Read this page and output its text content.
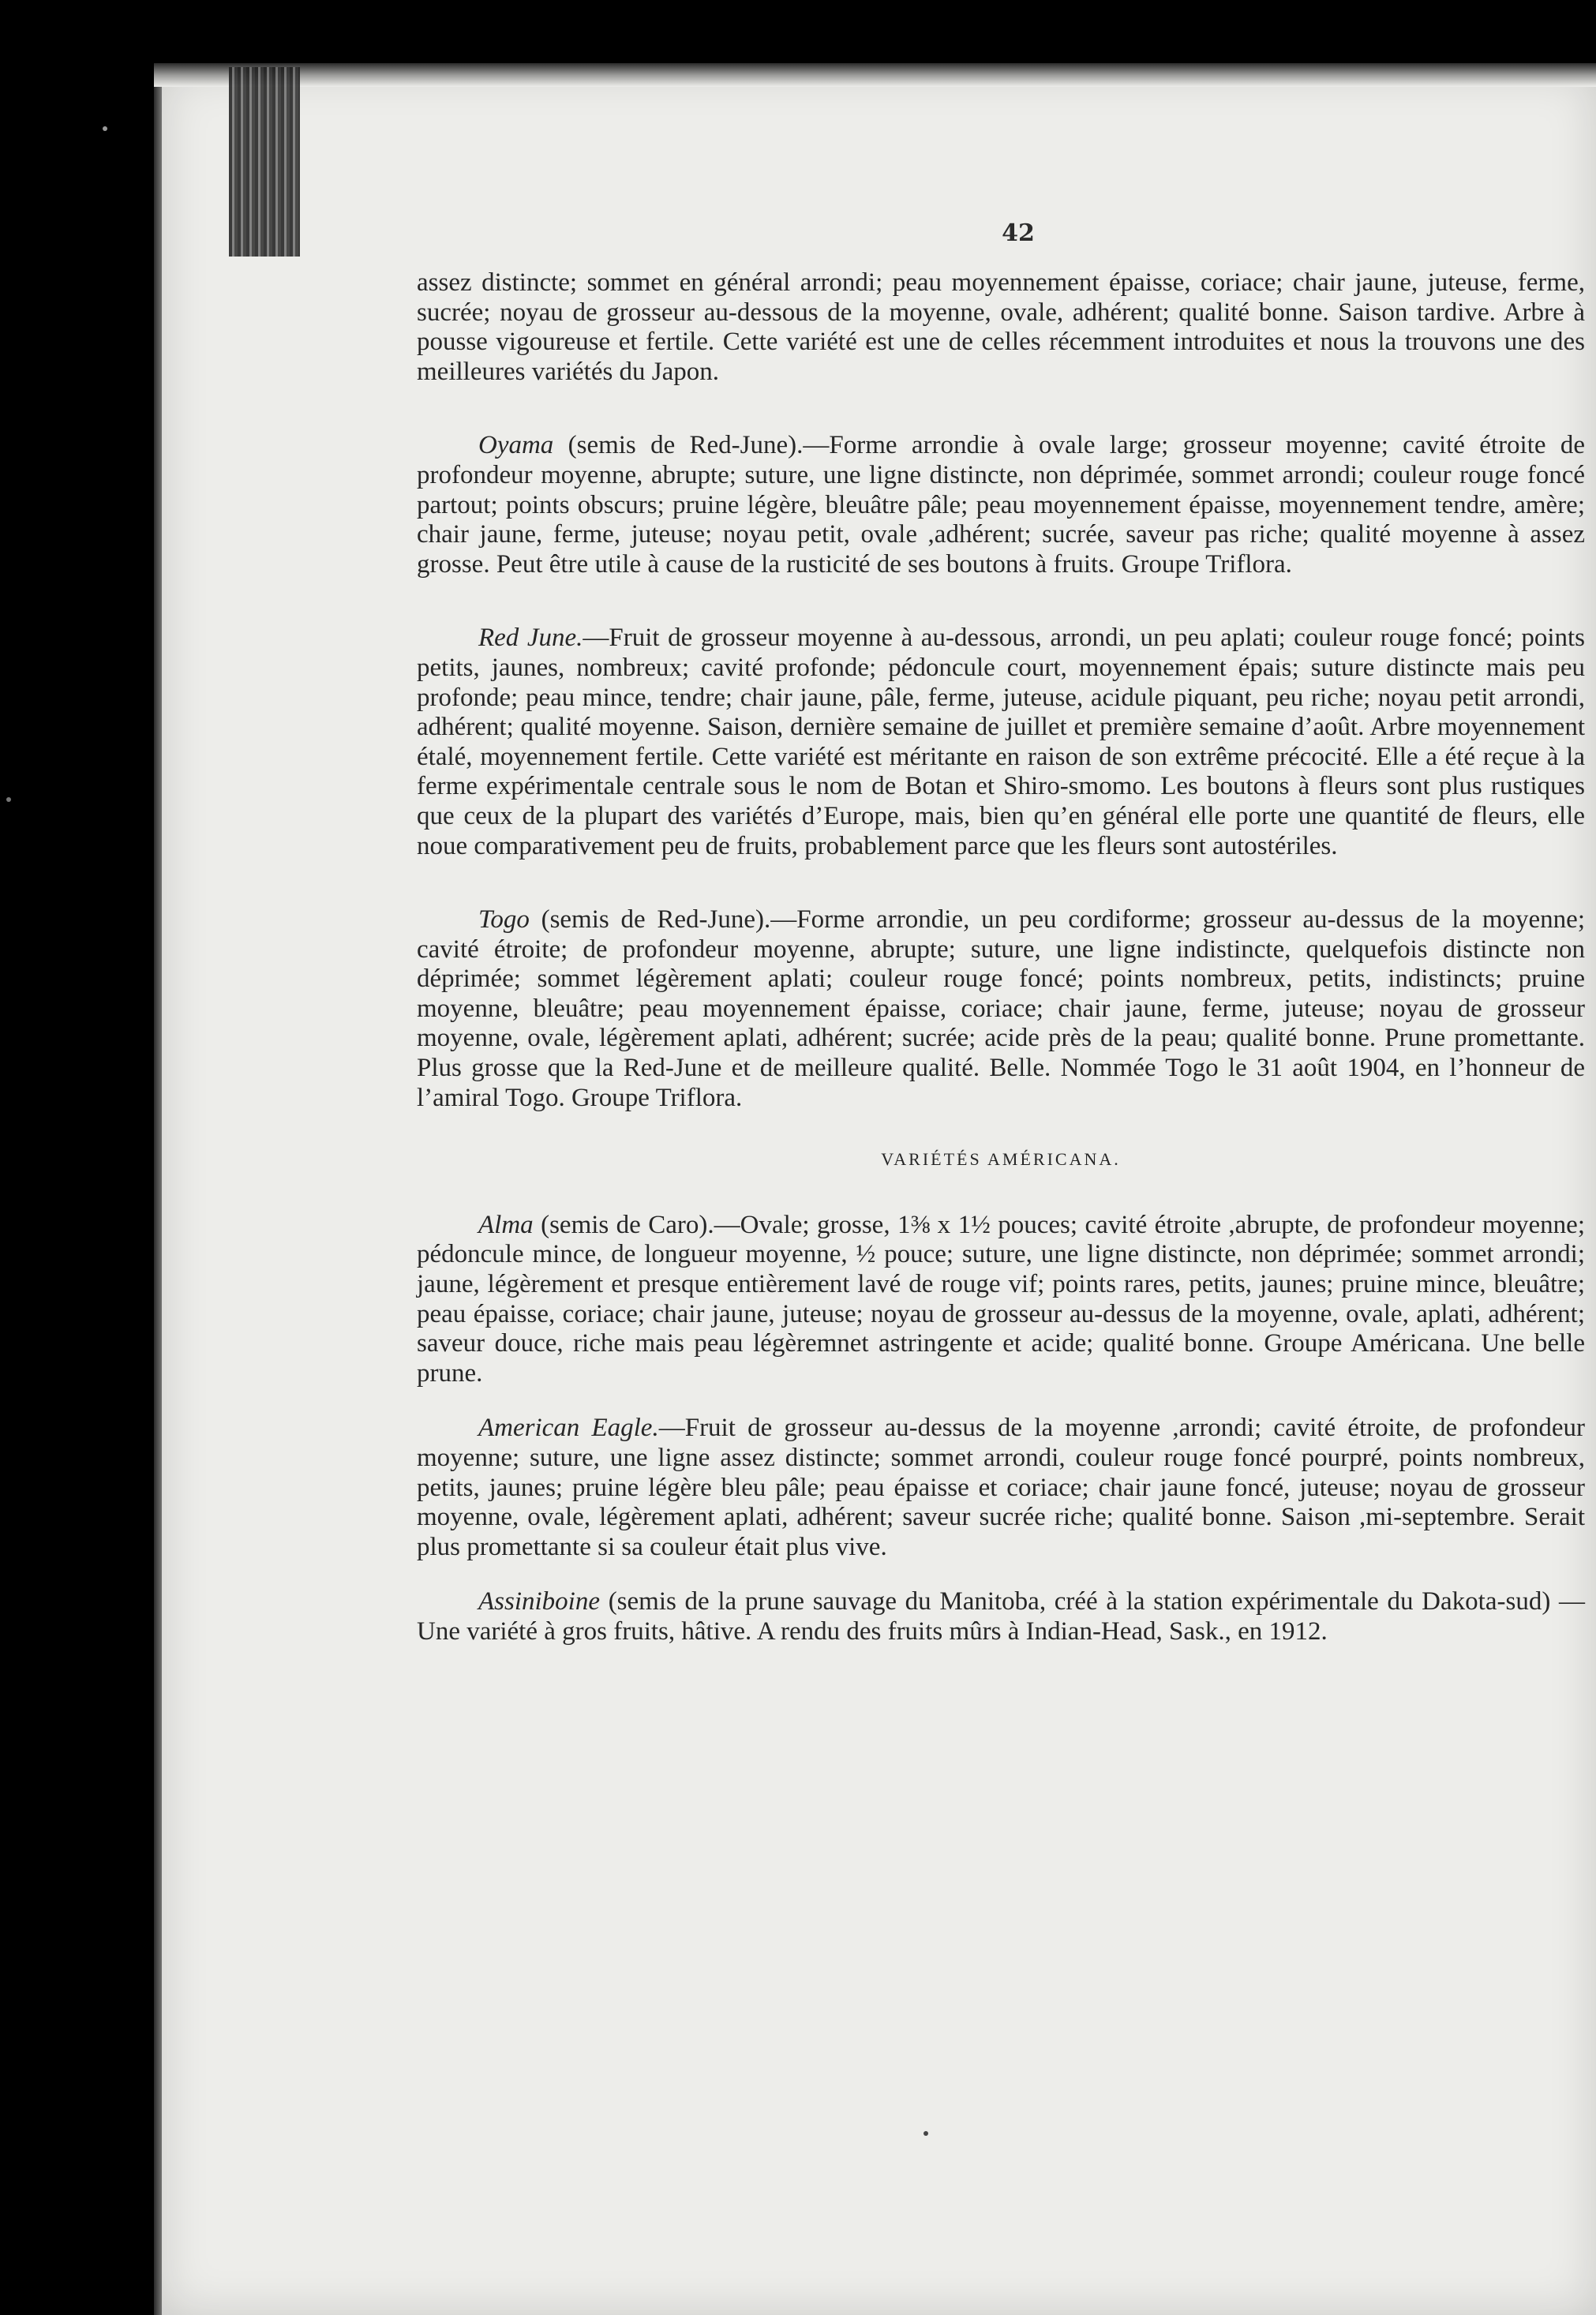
42

assez distincte; sommet en général arrondi; peau moyennement épaisse, coriace; chair jaune, juteuse, ferme, sucrée; noyau de grosseur au-dessous de la moyenne, ovale, adhérent; qualité bonne. Saison tardive. Arbre à pousse vigoureuse et fertile. Cette variété est une de celles récemment introduites et nous la trouvons une des meilleures variétés du Japon.

Oyama (semis de Red-June).—Forme arrondie à ovale large; grosseur moyenne; cavité étroite de profondeur moyenne, abrupte; suture, une ligne distincte, non déprimée, sommet arrondi; couleur rouge foncé partout; points obscurs; pruine légère, bleuâtre pâle; peau moyennement épaisse, moyennement tendre, amère; chair jaune, ferme, juteuse; noyau petit, ovale ,adhérent; sucrée, saveur pas riche; qualité moyenne à assez grosse. Peut être utile à cause de la rusticité de ses boutons à fruits. Groupe Triflora.

Red June.—Fruit de grosseur moyenne à au-dessous, arrondi, un peu aplati; couleur rouge foncé; points petits, jaunes, nombreux; cavité profonde; pédoncule court, moyennement épais; suture distincte mais peu profonde; peau mince, tendre; chair jaune, pâle, ferme, juteuse, acidule piquant, peu riche; noyau petit arrondi, adhérent; qualité moyenne. Saison, dernière semaine de juillet et première semaine d’août. Arbre moyennement étalé, moyennement fertile. Cette variété est méritante en raison de son extrême précocité. Elle a été reçue à la ferme expérimentale centrale sous le nom de Botan et Shiro-smomo. Les boutons à fleurs sont plus rustiques que ceux de la plupart des variétés d’Europe, mais, bien qu’en général elle porte une quantité de fleurs, elle noue comparativement peu de fruits, probablement parce que les fleurs sont autostériles.

Togo (semis de Red-June).—Forme arrondie, un peu cordiforme; grosseur au-dessus de la moyenne; cavité étroite; de profondeur moyenne, abrupte; suture, une ligne indistincte, quelquefois distincte non déprimée; sommet légèrement aplati; couleur rouge foncé; points nombreux, petits, indistincts; pruine moyenne, bleuâtre; peau moyennement épaisse, coriace; chair jaune, ferme, juteuse; noyau de grosseur moyenne, ovale, légèrement aplati, adhérent; sucrée; acide près de la peau; qualité bonne. Prune promettante. Plus grosse que la Red-June et de meilleure qualité. Belle. Nommée Togo le 31 août 1904, en l’honneur de l’amiral Togo. Groupe Triflora.

VARIÉTÉS AMÉRICANA.

Alma (semis de Caro).—Ovale; grosse, 1⅜ x 1½ pouces; cavité étroite ,abrupte, de profondeur moyenne; pédoncule mince, de longueur moyenne, ½ pouce; suture, une ligne distincte, non déprimée; sommet arrondi; jaune, légèrement et presque entièrement lavé de rouge vif; points rares, petits, jaunes; pruine mince, bleuâtre; peau épaisse, coriace; chair jaune, juteuse; noyau de grosseur au-dessus de la moyenne, ovale, aplati, adhérent; saveur douce, riche mais peau légèremnet astringente et acide; qualité bonne. Groupe Américana. Une belle prune.

American Eagle.—Fruit de grosseur au-dessus de la moyenne ,arrondi; cavité étroite, de profondeur moyenne; suture, une ligne assez distincte; sommet arrondi, couleur rouge foncé pourpré, points nombreux, petits, jaunes; pruine légère bleu pâle; peau épaisse et coriace; chair jaune foncé, juteuse; noyau de grosseur moyenne, ovale, légèrement aplati, adhérent; saveur sucrée riche; qualité bonne. Saison ,mi-septembre. Serait plus promettante si sa couleur était plus vive.

Assiniboine (semis de la prune sauvage du Manitoba, créé à la station expérimentale du Dakota-sud) —Une variété à gros fruits, hâtive. A rendu des fruits mûrs à Indian-Head, Sask., en 1912.
